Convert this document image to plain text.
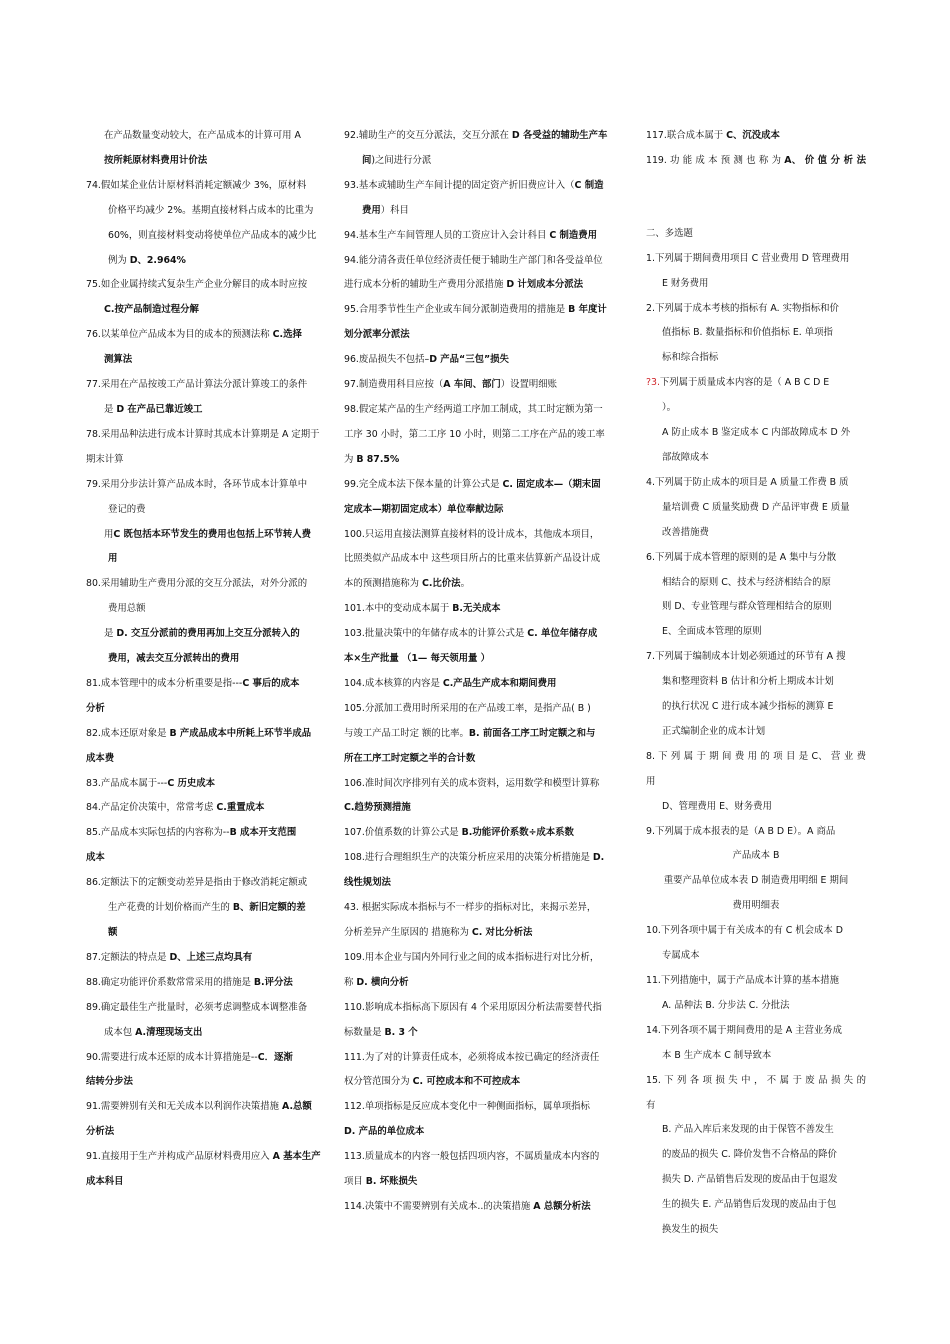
在产品数量变动较大，在产品成本的计算可用 A
按所耗原材料费用计价法
74.假如某企业估计原材料消耗定额减少 3%，原材料
价格平均减少 2%。基期直接材料占成本的比重为
60%，则直接材料变动将使单位产品成本的减少比
例为 D、2.964%
75.如企业属持续式复杂生产企业分解目的成本时应按
C.按产品制造过程分解
76.以某单位产品成本为目的成本的预测法称 C.选择
测算法
77.采用在产品按竣工产品计算法分派计算竣工的条件
是 D 在产品已靠近竣工
78.采用品种法进行成本计算时其成本计算期是 A 定期于
期末计算
79.采用分步法计算产品成本时，各环节成本计算单中
登记的费
用C 既包括本环节发生的费用也包括上环节转人费
用
80.采用辅助生产费用分派的交互分派法，对外分派的
费用总额
是 D. 交互分派前的费用再加上交互分派转入的
费用，减去交互分派转出的费用
81.成本管理中的成本分析重要是指---C 事后的成本
分析
82.成本还原对象是 B 产成品成本中所耗上环节半成品
成本费
83.产品成本属于---C 历史成本
84.产品定价决策中，常常考虑 C.重置成本
85.产品成本实际包括的内容称为--B 成本开支范围
成本
86.定额法下的定额变动差异是指由于修改消耗定额或
生产花费的计划价格而产生的 B、新旧定额的差
额
87.定额法的特点是 D、上述三点均具有
88.确定功能评价系数常常采用的措施是 B.评分法
89.确定最佳生产批量时，必须考虑调整成本调整准备
成本包 A.清理现场支出
90.需要进行成本还原的成本计算措施是--C．逐渐
结转分步法
91.需要辨别有关和无关成本以利润作决策措施 A.总额
分析法
91.直接用于生产并构成产品原材料费用应入 A 基本生产
成本科目
92.辅助生产的交互分派法，交互分派在 D 各受益的辅助生产车
间)之间进行分派
93.基本或辅助生产车间计提的固定资产折旧费应计入（C 制造
费用）科目
94.基本生产车间管理人员的工资应计入会计科目 C 制造费用
94.能分清各责任单位经济责任便于辅助生产部门和各受益单位
进行成本分析的辅助生产费用分派措施 D 计划成本分派法
95.合用季节性生产企业或车间分派制造费用的措施是 B 年度计
划分派率分派法
96.废品损失不包括–D 产品“三包”损失
97.制造费用科目应按（A 车间、部门）设置明细账
98.假定某产品的生产经两道工序加工制成，其工时定额为第一
工序 30 小时，第二工序 10 小时，则第二工序在产品的竣工率
为 B 87.5%
99.完全成本法下保本量的计算公式是 C. 固定成本—（期末固
定成本—期初固定成本）单位奉献边际
100.只运用直接法测算直接材料的设计成本，其他成本项目，
比照类似产品成本中 这些项目所占的比重来估算新产品设计成
本的预测措施称为 C.比价法。
101.本中的变动成本属于 B.无关成本
103.批量决策中的年储存成本的计算公式是 C. 单位年储存成
本×生产批量 （1— 每天领用量 ）
104.成本核算的内容是 C.产品生产成本和期间费用
105.分派加工费用时所采用的在产品竣工率，是指产品( B )
与竣工产品工时定 额的比率。B. 前面各工序工时定额之和与
所在工序工时定额之半的合计数
106.准时间次序排列有关的成本资料，运用数学和模型计算称
C.趋势预测措施
107.价值系数的计算公式是 B.功能评价系数÷成本系数
108.进行合理组织生产的决策分析应采用的决策分析措施是 D.
线性规划法
43. 根据实际成本指标与不一样步的指标对比，来揭示差异，
分析差异产生原因的 措施称为 C. 对比分析法
109.用本企业与国内外同行业之间的成本指标进行对比分析，
称 D. 横向分析
110.影响成本指标高下原因有 4 个采用原因分析法需要替代指
标数量是 B. 3 个
111.为了对的计算责任成本，必须将成本按已确定的经济责任
权分管范围分为 C. 可控成本和不可控成本
112.单项指标是反应成本变化中一种侧面指标，属单项指标
D. 产品的单位成本
113.质量成本的内容一般包括四项内容，不属质量成本内容的
项目 B. 坏账损失
114.决策中不需要辨别有关成本..的决策措施 A 总额分析法
117.联合成本属于 C、沉没成本
119. 功 能 成 本 预 测 也 称 为 A、 价 值 分 析 法

二、多选题
1.下列属于期间费用项目 C 营业费用 D 管理费用
E 财务费用
2.下列属于成本考核的指标有 A. 实物指标和价
值指标 B. 数量指标和价值指标 E. 单项指
标和综合指标
?3.下列属于质量成本内容的是（ A B C D E
）。
A 防止成本 B 鉴定成本 C 内部故障成本 D 外
部故障成本
4.下列属于防止成本的项目是 A 质量工作费 B 质
量培训费 C 质量奖励费 D 产品评审费 E 质量
改善措施费
6.下列属于成本管理的原则的是 A 集中与分散
相结合的原则 C、技术与经济相结合的原
则 D、专业管理与群众管理相结合的原则
E、全面成本管理的原则
7.下列属于编制成本计划必须通过的环节有 A 搜
集和整理资料 B 估计和分析上期成本计划
的执行状况 C 进行成本减少指标的测算 E
正式编制企业的成本计划
8. 下 列 属 于 期 间 费 用 的 项 目 是 C、 营 业 费 用
D、管理费用 E、财务费用
9.下列属于成本报表的是（A B D E）。A 商品
产品成本 B
重要产品单位成本表 D 制造费用明细 E 期间
费用明细表
10.下列各项中属于有关成本的有 C 机会成本 D
专属成本
11.下列措施中，属于产品成本计算的基本措施
A. 品种法 B. 分步法 C. 分批法
14.下列各项不属于期间费用的是 A 主营业务成
本 B 生产成本 C 制导致本
15. 下 列 各 项 损 失 中 ， 不 属 于 废 品 损 失 的 有
B. 产品入库后来发现的由于保管不善发生
的废品的损失 C. 降价发售不合格品的降价
损失 D. 产品销售后发现的废品由于包退发
生的损失 E. 产品销售后发现的废品由于包
换发生的损失
